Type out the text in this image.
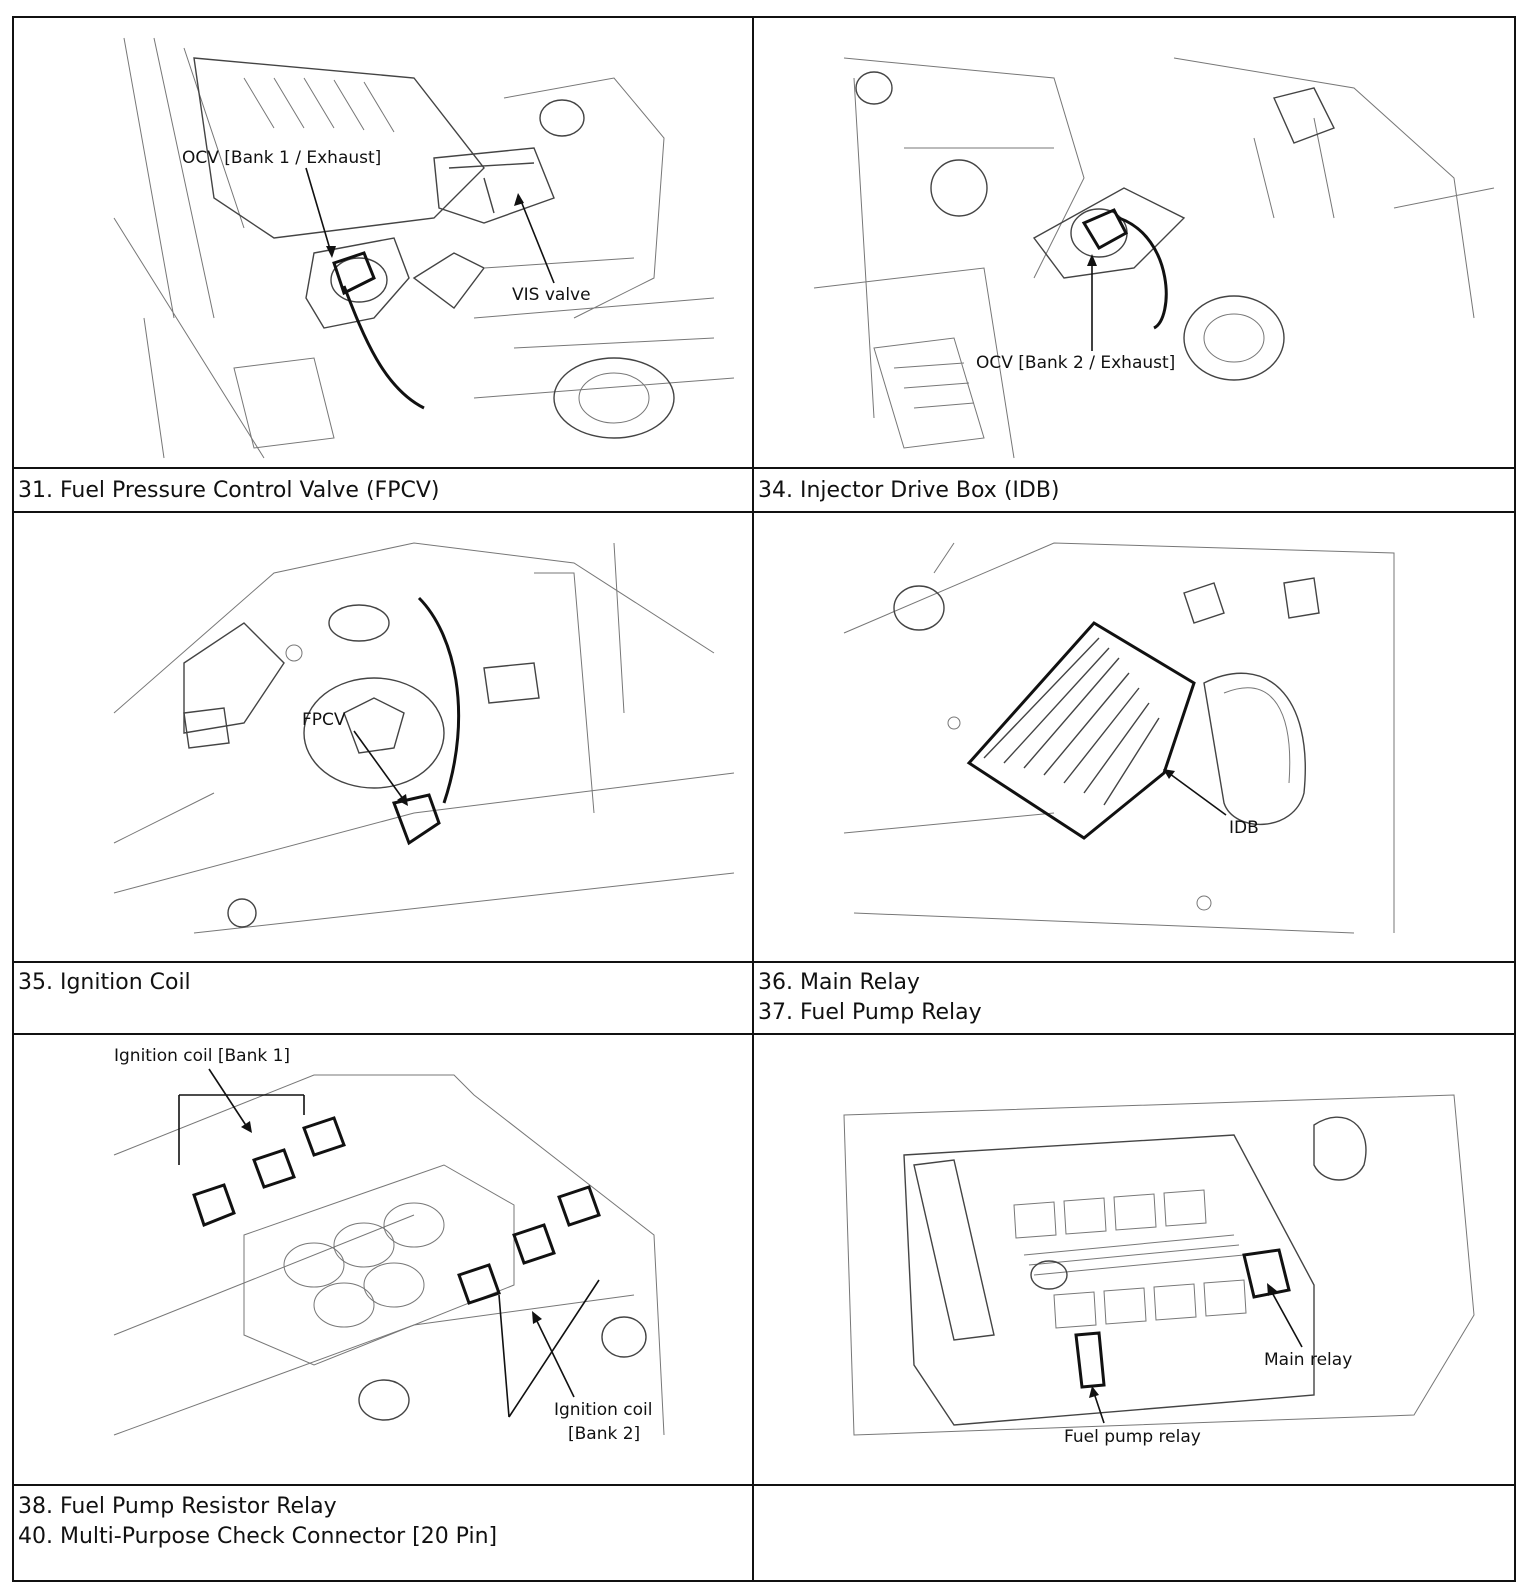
OCV [Bank 1 / Exhaust]
VIS valve
OCV [Bank 2 / Exhaust]
FPCV
IDB
Ignition coil [Bank 1]
Ignition coil
[Bank 2]
Main relay
Fuel pump relay
31. Fuel Pressure Control Valve (FPCV)	34. Injector Drive Box (IDB)
35. Ignition Coil	36. Main Relay
37. Fuel Pump Relay
38. Fuel Pump Resistor Relay
40. Multi-Purpose Check Connector [20 Pin]
